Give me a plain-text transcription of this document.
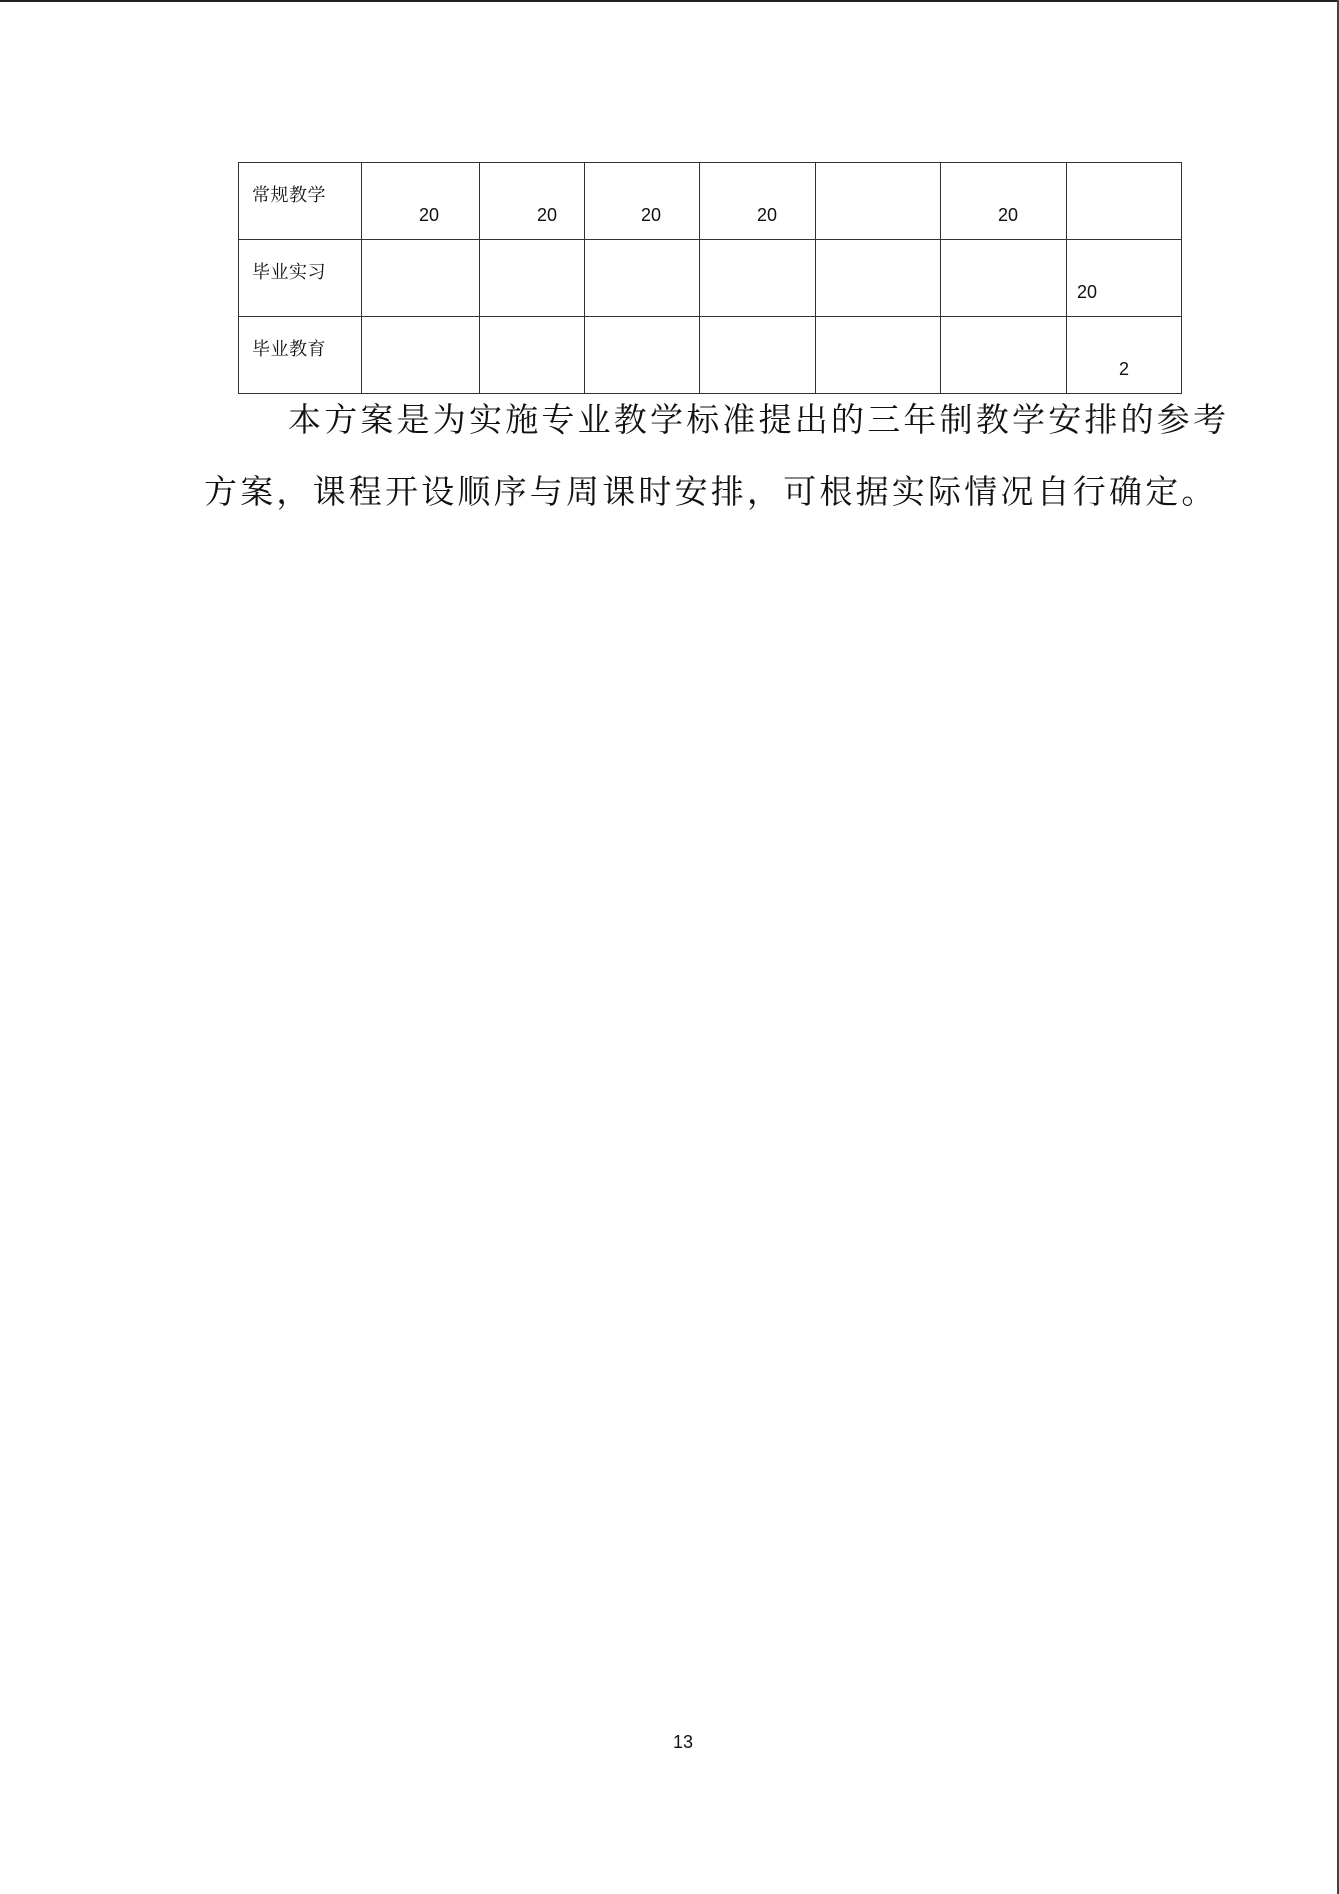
常规教学	20	20	20	20		20	

毕业实习							20

毕业教育							2
本方案是为实施专业教学标准提出的三年制教学安排的参考
方案，课程开设顺序与周课时安排，可根据实际情况自行确定。
13
